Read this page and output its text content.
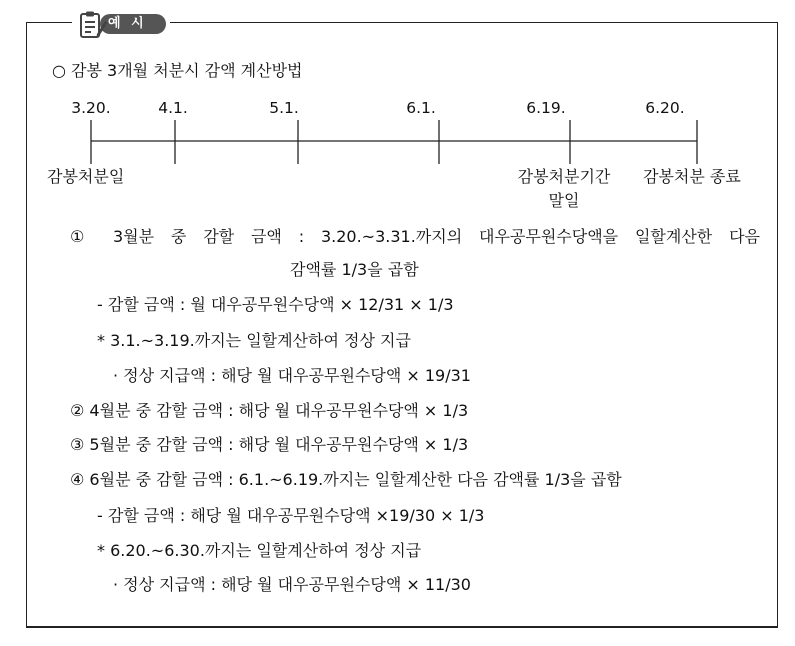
예 시
○ 감봉 3개월 처분시 감액 계산방법
3.20.	4.1.	5.1.	6.1.	6.19.	6.20.
감봉처분일	감봉처분기간
말일
감봉처분 종료
① 3월분 중 감할 금액 : 3.20.~3.31.까지의 대우공무원수당액을 일할계산한 다음
감액률 1/3을 곱함
- 감할 금액 : 월 대우공무원수당액 × 12/31 × 1/3
* 3.1.~3.19.까지는 일할계산하여 정상 지급
· 정상 지급액 : 해당 월 대우공무원수당액 × 19/31
② 4월분 중 감할 금액 : 해당 월 대우공무원수당액 × 1/3
③ 5월분 중 감할 금액 : 해당 월 대우공무원수당액 × 1/3
④ 6월분 중 감할 금액 : 6.1.~6.19.까지는 일할계산한 다음 감액률 1/3을 곱함
- 감할 금액 : 해당 월 대우공무원수당액 ×19/30 × 1/3
* 6.20.~6.30.까지는 일할계산하여 정상 지급
· 정상 지급액 : 해당 월 대우공무원수당액 × 11/30
